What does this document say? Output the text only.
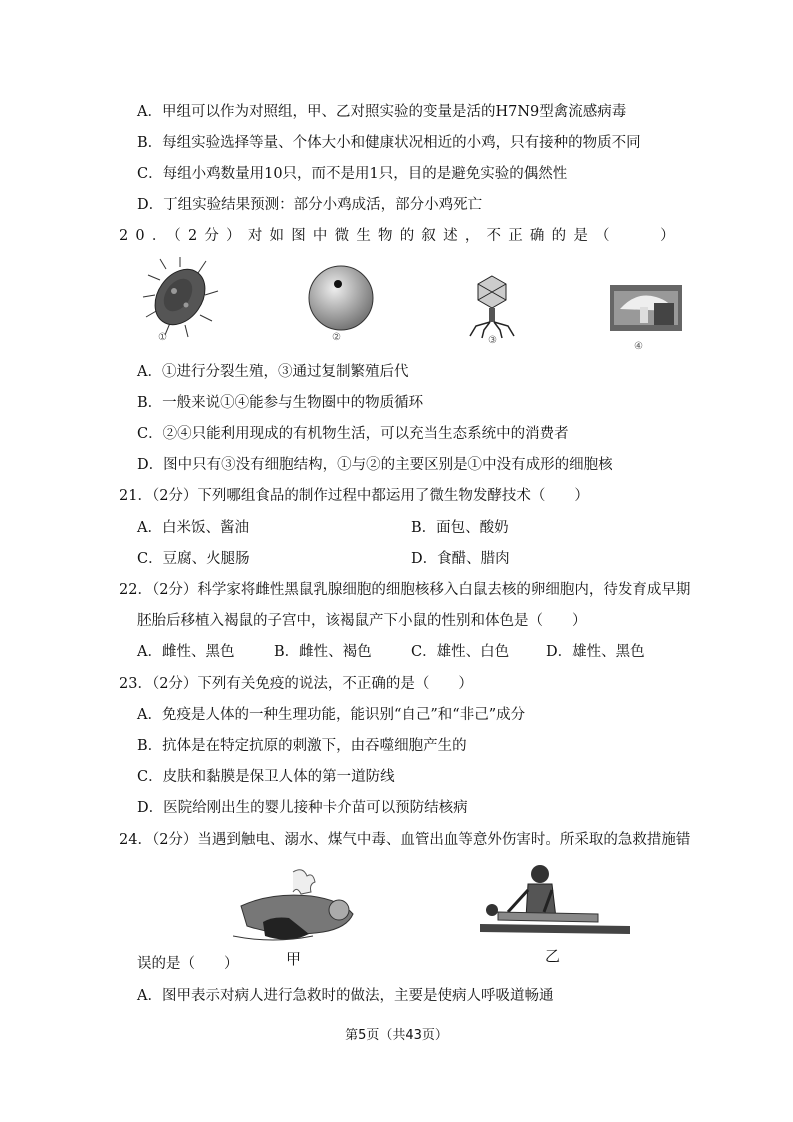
A．甲组可以作为对照组，甲、乙对照实验的变量是活的H7N9型禽流感病毒
B．每组实验选择等量、个体大小和健康状况相近的小鸡，只有接种的物质不同
C．每组小鸡数量用10只，而不是用1只，目的是避免实验的偶然性
D．丁组实验结果预测：部分小鸡成活，部分小鸡死亡
20．（2分）对如图中微生物的叙述，不正确的是（　　）
①	②	③
④
A．①进行分裂生殖，③通过复制繁殖后代
B．一般来说①④能参与生物圈中的物质循环
C．②④只能利用现成的有机物生活，可以充当生态系统中的消费者
D．图中只有③没有细胞结构，①与②的主要区别是①中没有成形的细胞核
21．（2分）下列哪组食品的制作过程中都运用了微生物发酵技术（　　）
A．白米饭、酱油	B．面包、酸奶
C．豆腐、火腿肠	D．食醋、腊肉
22．（2分）科学家将雌性黑鼠乳腺细胞的细胞核移入白鼠去核的卵细胞内，待发育成早期
胚胎后移植入褐鼠的子宫中，该褐鼠产下小鼠的性别和体色是（　　）
A．雌性、黑色	B．雌性、褐色	C．雄性、白色	D．雄性、黑色
23．（2分）下列有关免疫的说法，不正确的是（　　）
A．免疫是人体的一种生理功能，能识别“自己”和“非己”成分
B．抗体是在特定抗原的刺激下，由吞噬细胞产生的
C．皮肤和黏膜是保卫人体的第一道防线
D．医院给刚出生的婴儿接种卡介苗可以预防结核病
24．（2分）当遇到触电、溺水、煤气中毒、血管出血等意外伤害时。所采取的急救措施错
甲	乙
误的是（　　）
A．图甲表示对病人进行急救时的做法，主要是使病人呼吸道畅通
第5页（共43页）
